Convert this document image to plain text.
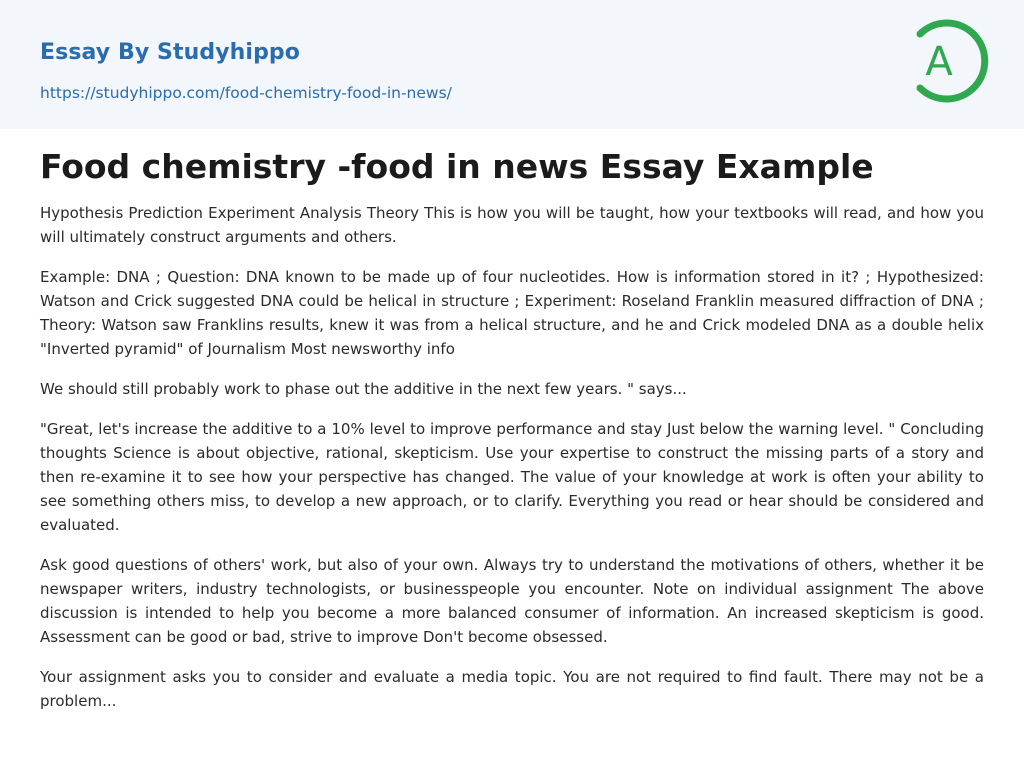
Essay By Studyhippo
https://studyhippo.com/food-chemistry-food-in-news/
A
Food chemistry -food in news Essay Example

Hypothesis Prediction Experiment Analysis Theory This is how you will be taught, how your textbooks will read, and how you will ultimately construct arguments and others.

Example: DNA ; Question: DNA known to be made up of four nucleotides. How is information stored in it? ; Hypothesized: Watson and Crick suggested DNA could be helical in structure ; Experiment: Roseland Franklin measured diffraction of DNA ; Theory: Watson saw Franklins results, knew it was from a helical structure, and he and Crick modeled DNA as a double helix "Inverted pyramid" of Journalism Most newsworthy info

We should still probably work to phase out the additive in the next few years. " says...

"Great, let's increase the additive to a 10% level to improve performance and stay Just below the warning level. " Concluding thoughts Science is about objective, rational, skepticism. Use your expertise to construct the missing parts of a story and then re-examine it to see how your perspective has changed. The value of your knowledge at work is often your ability to see something others miss, to develop a new approach, or to clarify. Everything you read or hear should be considered and evaluated.

Ask good questions of others' work, but also of your own. Always try to understand the motivations of others, whether it be newspaper writers, industry technologists, or businesspeople you encounter. Note on individual assignment The above discussion is intended to help you become a more balanced consumer of information. An increased skepticism is good. Assessment can be good or bad, strive to improve Don't become obsessed.

Your assignment asks you to consider and evaluate a media topic. You are not required to find fault. There may not be a problem...
